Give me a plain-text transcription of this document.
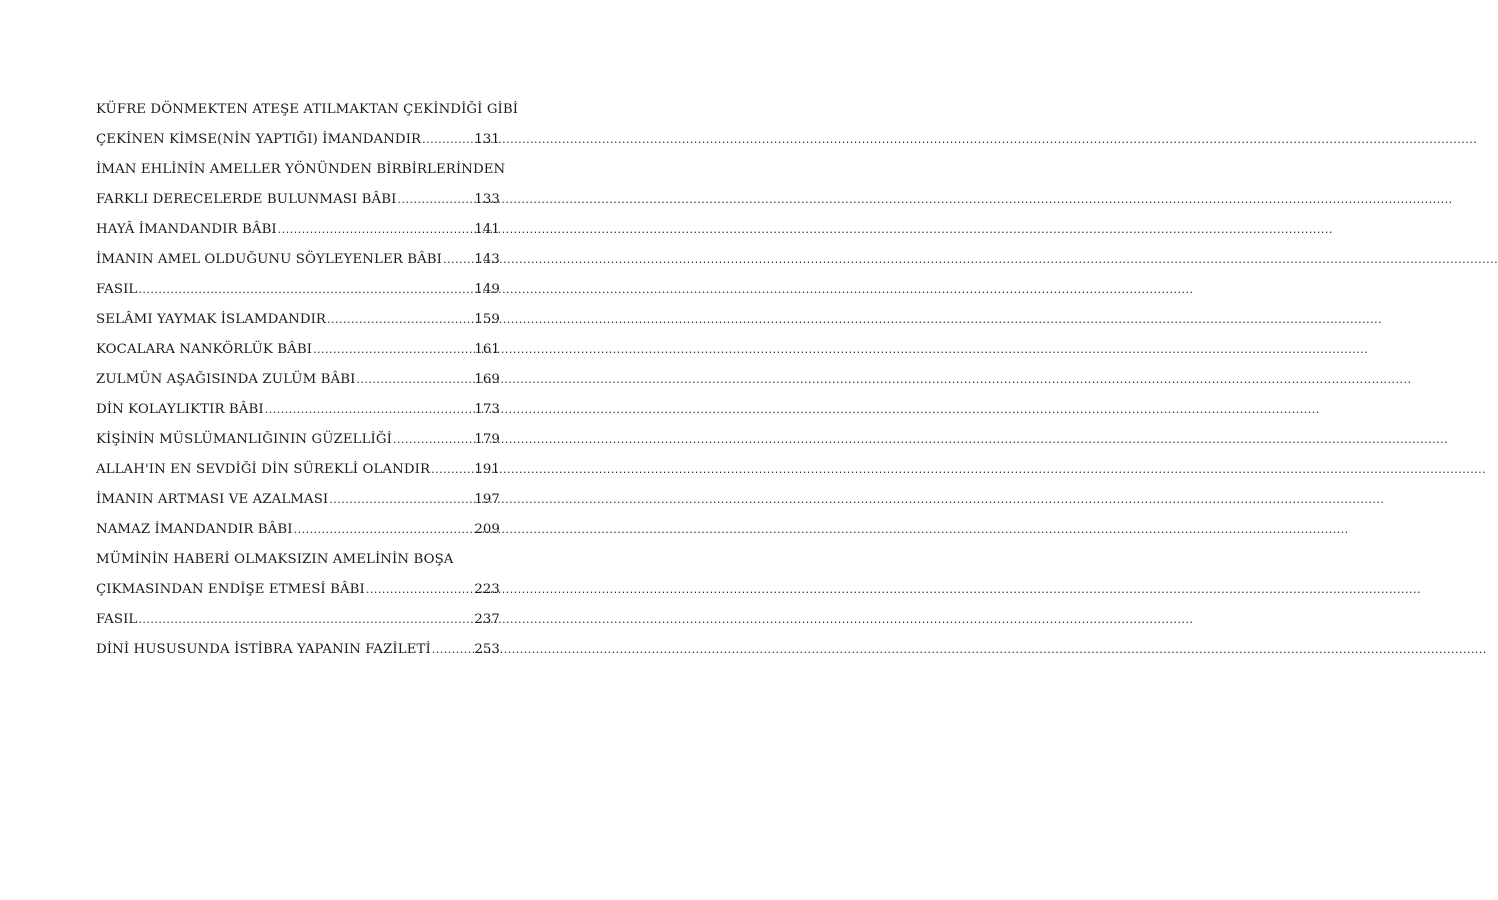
KÜFRE DÖNMEKTEN ATEŞE ATILMAKTAN ÇEKİNDİĞİ GİBİ
ÇEKİNEN KİMSE(NİN YAPTIĞI) İMANDANDIR .....	131
İMAN EHLİNİN AMELLER YÖNÜNDEN BİRBİRLERİNDEN
FARKLI DERECELERDE BULUNMASI BÂBI .....	133
HAYÂ İMANDANDIR BÂBI .....	141
İMANIN AMEL OLDUĞUNU SÖYLEYENLER BÂBI ..... 143
FASIL .....	149
SELÂMI YAYMAK İSLAMDANDIR .....	159
KOCALARA NANKÖRLÜK BÂBI .....	161
ZULMÜN AŞAĞISINDA ZULÜM BÂBI .....	169
DİN KOLAYLIKTIR BÂBI .....	173
KİŞİNİN MÜSLÜMANLIĞININ GÜZELLİĞİ .....	179
ALLAH'IN EN SEVDİĞİ DİN SÜREKLİ OLANDIR .....	191
İMANIN ARTMASI VE AZALMASI .....	197
NAMAZ İMANDANDIR BÂBI .....	209
MÜMİNİN HABERİ OLMAKSIZIN AMELİNİN BOŞA
ÇIKMASINDAN ENDİŞE ETMESİ BÂBI .....	223
FASIL .....	237
DİNİ HUSUSUNDA İSTİBRA YAPANIN FAZİLETİ .....	253
